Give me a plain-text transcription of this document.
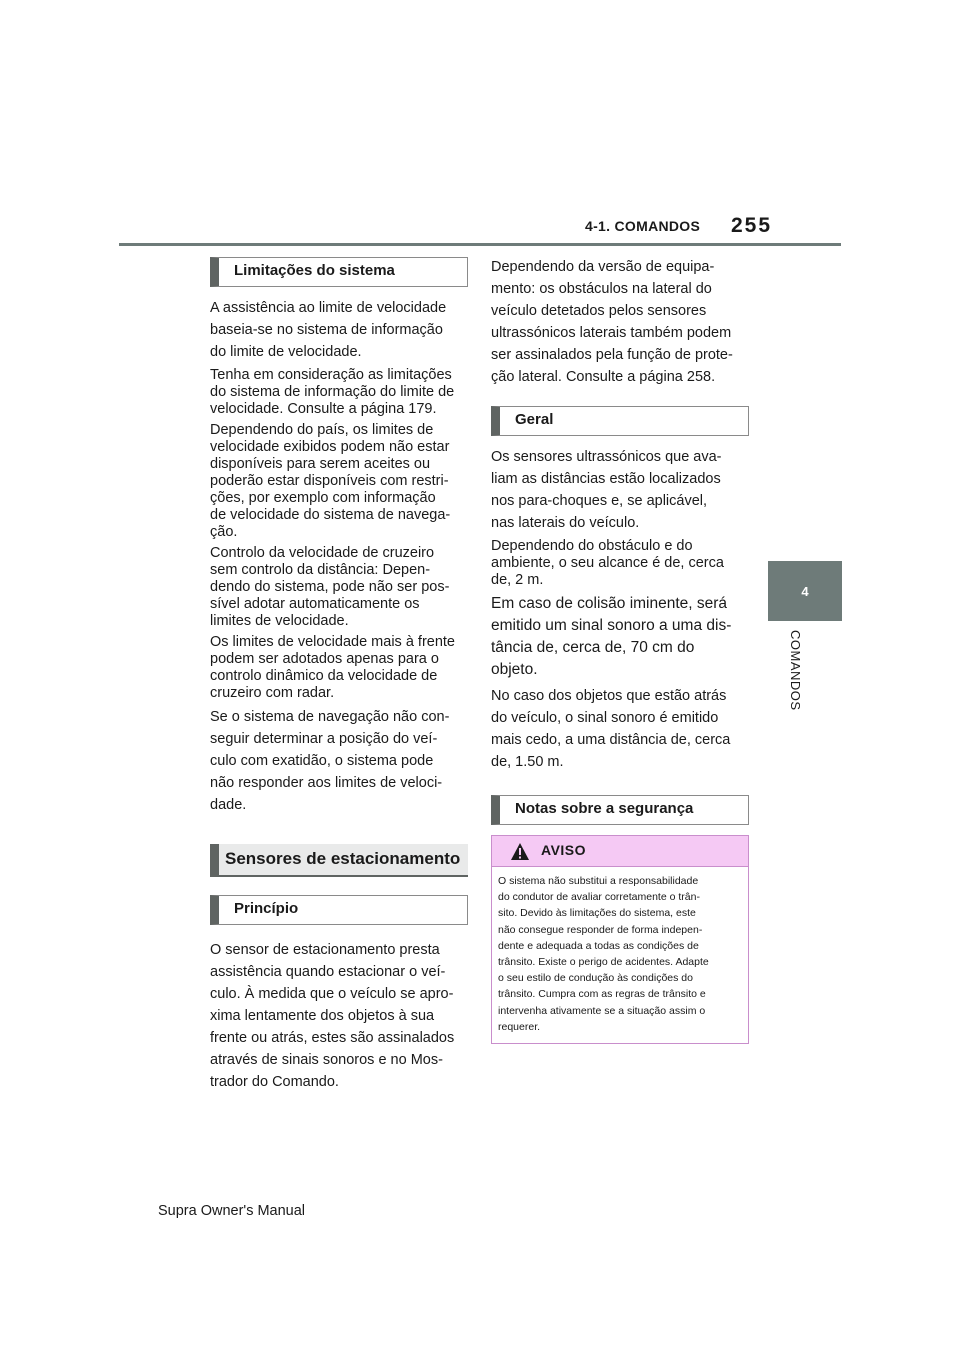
4-1. COMANDOS 255
4
COMANDOS
Limitações do sistema
A assistência ao limite de velocidade
baseia-se no sistema de informação
do limite de velocidade.
Tenha em consideração as limitações
do sistema de informação do limite de
velocidade. Consulte a página 179.
Dependendo do país, os limites de
velocidade exibidos podem não estar
disponíveis para serem aceites ou
poderão estar disponíveis com restri-
ções, por exemplo com informação
de velocidade do sistema de navega-
ção.
Controlo da velocidade de cruzeiro
sem controlo da distância: Depen-
dendo do sistema, pode não ser pos-
sível adotar automaticamente os
limites de velocidade.
Os limites de velocidade mais à frente
podem ser adotados apenas para o
controlo dinâmico da velocidade de
cruzeiro com radar.
Se o sistema de navegação não con-
seguir determinar a posição do veí-
culo com exatidão, o sistema pode
não responder aos limites de veloci-
dade.
Sensores de estacionamento
Princípio
O sensor de estacionamento presta
assistência quando estacionar o veí-
culo. À medida que o veículo se apro-
xima lentamente dos objetos à sua
frente ou atrás, estes são assinalados
através de sinais sonoros e no Mos-
trador do Comando.
Dependendo da versão de equipa-
mento: os obstáculos na lateral do
veículo detetados pelos sensores
ultrassónicos laterais também podem
ser assinalados pela função de prote-
ção lateral. Consulte a página 258.
Geral
Os sensores ultrassónicos que ava-
liam as distâncias estão localizados
nos para-choques e, se aplicável,
nas laterais do veículo.
Dependendo do obstáculo e do
ambiente, o seu alcance é de, cerca
de, 2 m.
Em caso de colisão iminente, será
emitido um sinal sonoro a uma dis-
tância de, cerca de, 70 cm do
objeto.
No caso dos objetos que estão atrás
do veículo, o sinal sonoro é emitido
mais cedo, a uma distância de, cerca
de, 1.50 m.
Notas sobre a segurança
AVISO
O sistema não substitui a responsabilidade
do condutor de avaliar corretamente o trân-
sito. Devido às limitações do sistema, este
não consegue responder de forma indepen-
dente e adequada a todas as condições de
trânsito. Existe o perigo de acidentes. Adapte
o seu estilo de condução às condições do
trânsito. Cumpra com as regras de trânsito e
intervenha ativamente se a situação assim o
requerer.
Supra Owner's Manual
